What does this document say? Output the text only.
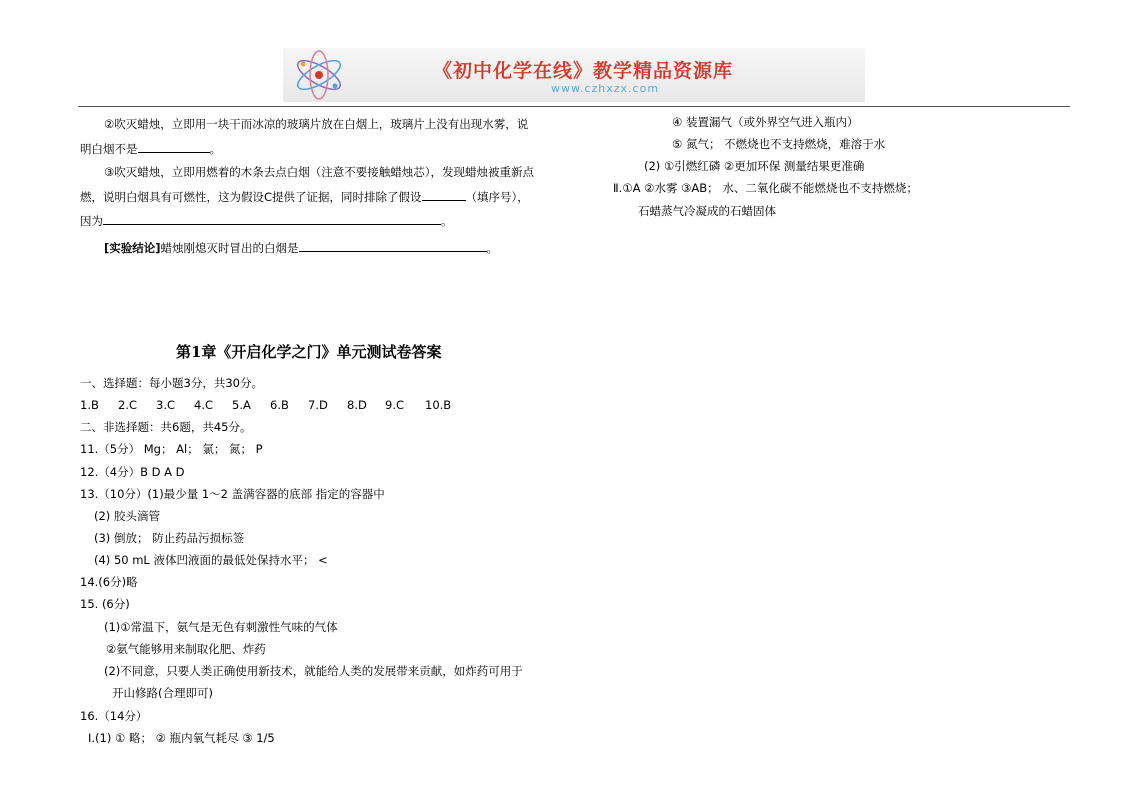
《初中化学在线》教学精品资源库
www.czhxzx.com
②吹灭蜡烛，立即用一块干而冰凉的玻璃片放在白烟上，玻璃片上没有出现水雾，说
明白烟不是	。
③吹灭蜡烛，立即用燃着的木条去点白烟（注意不要接触蜡烛芯），发现蜡烛被重新点
燃，说明白烟具有可燃性，这为假设C提供了证据，同时排除了假设	（填序号），
因为	。
[实验结论]蜡烛刚熄灭时冒出的白烟是	。
④ 装置漏气（或外界空气进入瓶内）
⑤ 氮气； 不燃烧也不支持燃烧，难溶于水
(2) ①引燃红磷 ②更加环保 测量结果更准确
Ⅱ.①A ②水雾 ③AB； 水、二氧化碳不能燃烧也不支持燃烧；
石蜡蒸气冷凝成的石蜡固体
第1章《开启化学之门》单元测试卷答案
一、选择题：每小题3分，共30分。
1.B 2.C 3.C 4.C 5.A 6.B 7.D 8.D 9.C 10.B
二、非选择题：共6题，共45分。
11.（5分） Mg； Al； 氯； 氮； P
12.（4分）B D A D
13.（10分）(1)最少量 1～2 盖满容器的底部 指定的容器中
(2) 胶头滴管
(3) 倒放； 防止药品污损标签
(4) 50 mL 液体凹液面的最低处保持水平； <
14.(6分)略
15. (6分)
(1)①常温下，氨气是无色有刺激性气味的气体
②氨气能够用来制取化肥、炸药
(2)不同意，只要人类正确使用新技术，就能给人类的发展带来贡献，如炸药可用于
开山修路(合理即可)
16.（14分）
Ⅰ.(1) ① 略； ② 瓶内氧气耗尽 ③ 1/5
